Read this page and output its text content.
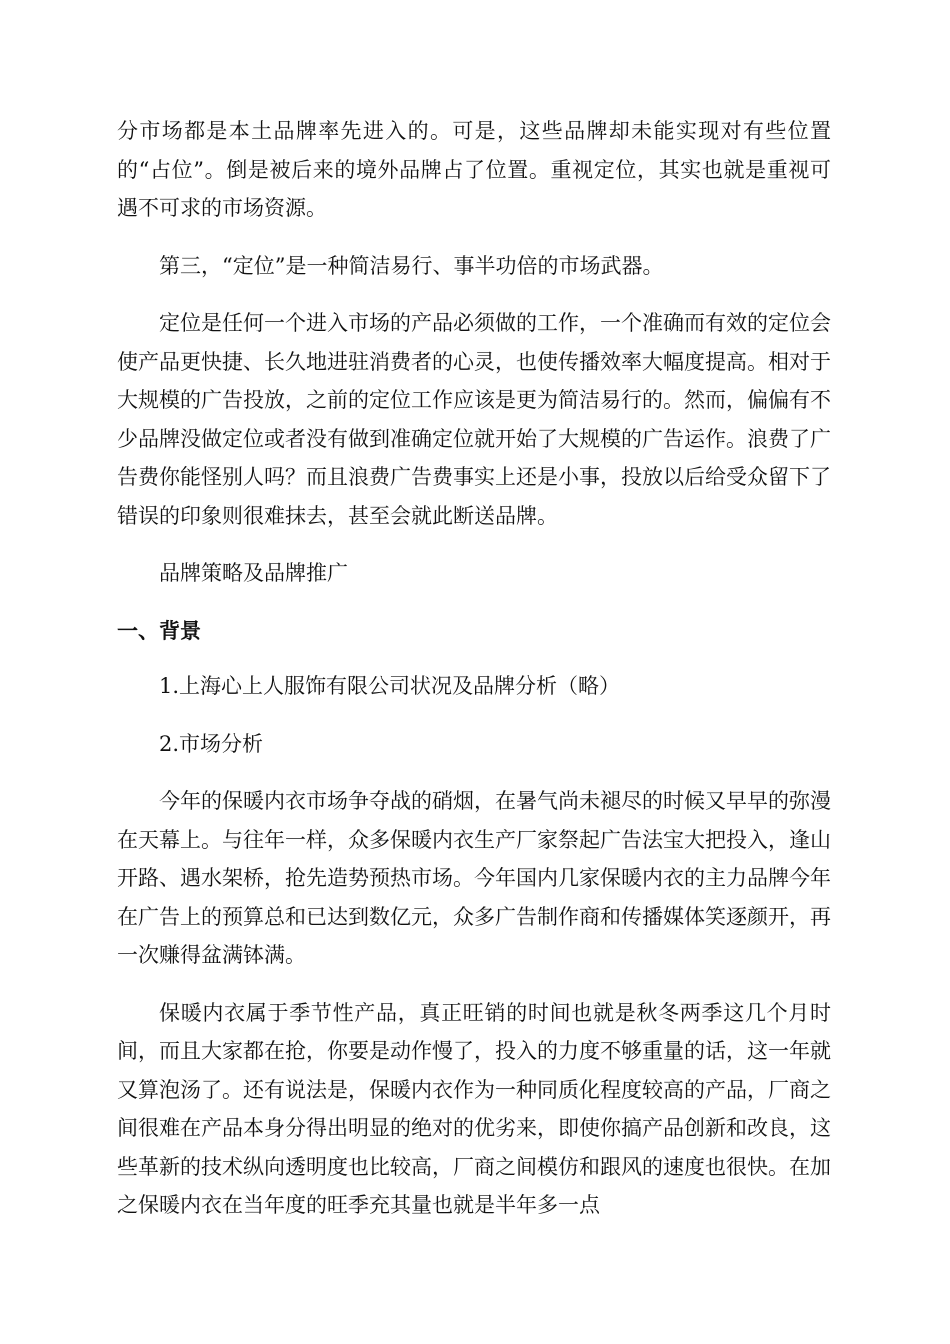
分市场都是本土品牌率先进入的。可是，这些品牌却未能实现对有些位置的“占位”。倒是被后来的境外品牌占了位置。重视定位，其实也就是重视可遇不可求的市场资源。

第三，“定位”是一种简洁易行、事半功倍的市场武器。

定位是任何一个进入市场的产品必须做的工作，一个准确而有效的定位会使产品更快捷、长久地进驻消费者的心灵，也使传播效率大幅度提高。相对于大规模的广告投放，之前的定位工作应该是更为简洁易行的。然而，偏偏有不少品牌没做定位或者没有做到准确定位就开始了大规模的广告运作。浪费了广告费你能怪别人吗？而且浪费广告费事实上还是小事，投放以后给受众留下了错误的印象则很难抹去，甚至会就此断送品牌。

品牌策略及品牌推广

一、背景

1.上海心上人服饰有限公司状况及品牌分析（略）

2.市场分析

今年的保暖内衣市场争夺战的硝烟，在暑气尚未褪尽的时候又早早的弥漫在天幕上。与往年一样，众多保暖内衣生产厂家祭起广告法宝大把投入，逢山开路、遇水架桥，抢先造势预热市场。今年国内几家保暖内衣的主力品牌今年在广告上的预算总和已达到数亿元，众多广告制作商和传播媒体笑逐颜开，再一次赚得盆满钵满。

保暖内衣属于季节性产品，真正旺销的时间也就是秋冬两季这几个月时间，而且大家都在抢，你要是动作慢了，投入的力度不够重量的话，这一年就又算泡汤了。还有说法是，保暖内衣作为一种同质化程度较高的产品，厂商之间很难在产品本身分得出明显的绝对的优劣来，即使你搞产品创新和改良，这些革新的技术纵向透明度也比较高，厂商之间模仿和跟风的速度也很快。在加之保暖内衣在当年度的旺季充其量也就是半年多一点
